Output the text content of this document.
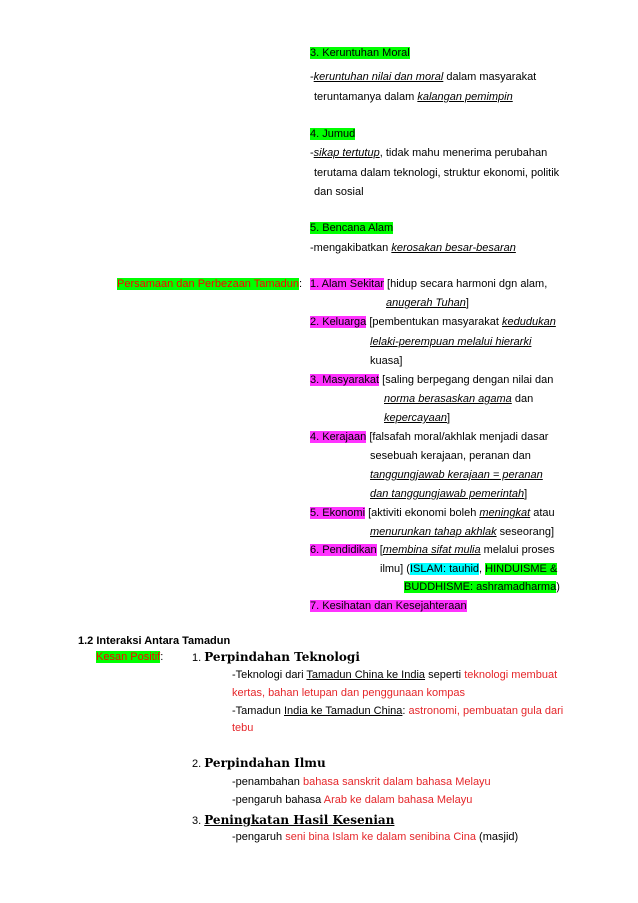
3. Keruntuhan Moral
-keruntuhan nilai dan moral dalam masyarakat
teruntamanya dalam kalangan pemimpin
4. Jumud
-sikap tertutup, tidak mahu menerima perubahan
terutama dalam teknologi, struktur ekonomi, politik
dan sosial
5. Bencana Alam
-mengakibatkan kerosakan besar-besaran
Persamaan dan Perbezaan Tamadun: 1. Alam Sekitar [hidup secara harmoni dgn alam,
anugerah Tuhan]
2. Keluarga [pembentukan masyarakat kedudukan
lelaki-perempuan melalui hierarki
kuasa]
3. Masyarakat [saling berpegang dengan nilai dan
norma berasaskan agama dan
kepercayaan]
4. Kerajaan [falsafah moral/akhlak menjadi dasar
sesebuah kerajaan, peranan dan
tanggungjawab kerajaan = peranan
dan tanggungjawab pemerintah]
5. Ekonomi [aktiviti ekonomi boleh meningkat atau
menurunkan tahap akhlak seseorang]
6. Pendidikan [membina sifat mulia melalui proses
ilmu] (ISLAM: tauhid, HINDUISME &
BUDDHISME: ashramadharma)
7. Kesihatan dan Kesejahteraan
1.2 Interaksi Antara Tamadun
Kesan Positif:	1. Perpindahan Teknologi
-Teknologi dari Tamadun China ke India seperti teknologi membuat
kertas, bahan letupan dan penggunaan kompas
-Tamadun India ke Tamadun China: astronomi, pembuatan gula dari
tebu
2. Perpindahan Ilmu
-penambahan bahasa sanskrit dalam bahasa Melayu
-pengaruh bahasa Arab ke dalam bahasa Melayu
3. Peningkatan Hasil Kesenian
-pengaruh seni bina Islam ke dalam senibina Cina (masjid)
